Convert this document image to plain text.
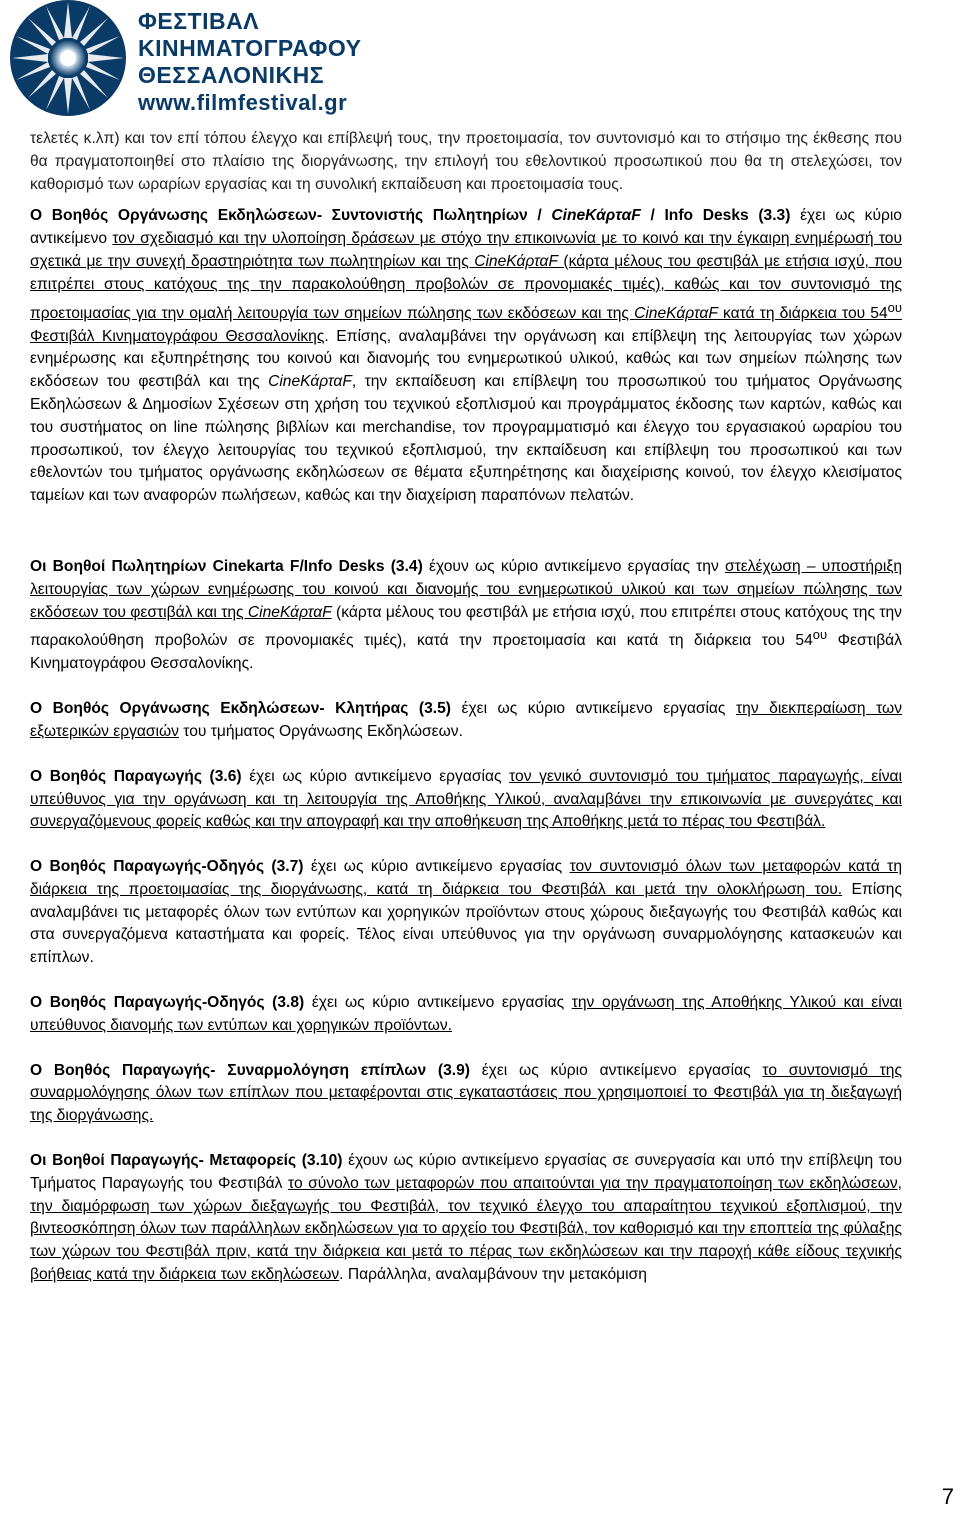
ΦΕΣΤΙΒΑΛ
ΚΙΝΗΜΑΤΟΓΡΑΦΟΥ
ΘΕΣΣΑΛΟΝΙΚΗΣ
www.filmfestival.gr

τελετές κ.λπ) και τον επί τόπου έλεγχο και επίβλεψή τους, την προετοιμασία, τον συντονισμό και το στήσιμο της έκθεσης που θα πραγματοποιηθεί στο πλαίσιο της διοργάνωσης, την επιλογή του εθελοντικού προσωπικού που θα τη στελεχώσει, τον καθορισμό των ωραρίων εργασίας και τη συνολική εκπαίδευση και προετοιμασία τους.

Ο Βοηθός Οργάνωσης Εκδηλώσεων- Συντονιστής Πωλητηρίων / CineΚάρταF / Info Desks (3.3) έχει ως κύριο αντικείμενο τον σχεδιασμό και την υλοποίηση δράσεων με στόχο την επικοινωνία με το κοινό και την έγκαιρη ενημέρωσή του σχετικά με την συνεχή δραστηριότητα των πωλητηρίων και της CineΚάρταF (κάρτα μέλους του φεστιβάλ με ετήσια ισχύ, που επιτρέπει στους κατόχους της την παρακολούθηση προβολών σε προνομιακές τιμές), καθώς και τον συντονισμό της προετοιμασίας για την ομαλή λειτουργία των σημείων πώλησης των εκδόσεων και της CineΚάρταF κατά τη διάρκεια του $54^{o\upsilon}$ Φεστιβάλ Κινηματογράφου Θεσσαλονίκης. Επίσης, αναλαμβάνει την οργάνωση και επίβλεψη της λειτουργίας των χώρων ενημέρωσης και εξυπηρέτησης του κοινού και διανομής του ενημερωτικού υλικού, καθώς και των σημείων πώλησης των εκδόσεων του φεστιβάλ και της CineΚάρταF, την εκπαίδευση και επίβλεψη του προσωπικού του τμήματος Οργάνωσης Εκδηλώσεων & Δημοσίων Σχέσεων στη χρήση του τεχνικού εξοπλισμού και προγράμματος έκδοσης των καρτών, καθώς και του συστήματος on line πώλησης βιβλίων και merchandise, τον προγραμματισμό και έλεγχο του εργασιακού ωραρίου του προσωπικού, τον έλεγχο λειτουργίας του τεχνικού εξοπλισμού, την εκπαίδευση και επίβλεψη του προσωπικού και των εθελοντών του τμήματος οργάνωσης εκδηλώσεων σε θέματα εξυπηρέτησης και διαχείρισης κοινού, τον έλεγχο κλεισίματος ταμείων και των αναφορών πωλήσεων, καθώς και την διαχείριση παραπόνων πελατών.

Οι Βοηθοί Πωλητηρίων Cinekarta F/Info Desks (3.4) έχουν ως κύριο αντικείμενο εργασίας την στελέχωση – υποστήριξη λειτουργίας των χώρων ενημέρωσης του κοινού και διανομής του ενημερωτικού υλικού και των σημείων πώλησης των εκδόσεων του φεστιβάλ και της CineΚάρταF (κάρτα μέλους του φεστιβάλ με ετήσια ισχύ, που επιτρέπει στους κατόχους της την παρακολούθηση προβολών σε προνομιακές τιμές), κατά την προετοιμασία και κατά τη διάρκεια του $54^{o\upsilon}$ Φεστιβάλ Κινηματογράφου Θεσσαλονίκης.

Ο Βοηθός Οργάνωσης Εκδηλώσεων- Κλητήρας (3.5) έχει ως κύριο αντικείμενο εργασίας την διεκπεραίωση των εξωτερικών εργασιών του τμήματος Οργάνωσης Εκδηλώσεων.

Ο Βοηθός Παραγωγής (3.6) έχει ως κύριο αντικείμενο εργασίας τον γενικό συντονισμό του τμήματος παραγωγής, είναι υπεύθυνος για την οργάνωση και τη λειτουργία της Αποθήκης Υλικού, αναλαμβάνει την επικοινωνία με συνεργάτες και συνεργαζόμενους φορείς καθώς και την απογραφή και την αποθήκευση της Αποθήκης μετά το πέρας του Φεστιβάλ.

Ο Βοηθός Παραγωγής-Οδηγός (3.7) έχει ως κύριο αντικείμενο εργασίας τον συντονισμό όλων των μεταφορών κατά τη διάρκεια της προετοιμασίας της διοργάνωσης, κατά τη διάρκεια του Φεστιβάλ και μετά την ολοκλήρωση του. Επίσης αναλαμβάνει τις μεταφορές όλων των εντύπων και χορηγικών προϊόντων στους χώρους διεξαγωγής του Φεστιβάλ καθώς και στα συνεργαζόμενα καταστήματα και φορείς. Τέλος είναι υπεύθυνος για την οργάνωση συναρμολόγησης κατασκευών και επίπλων.

Ο Βοηθός Παραγωγής-Οδηγός (3.8) έχει ως κύριο αντικείμενο εργασίας την οργάνωση της Αποθήκης Υλικού και είναι υπεύθυνος διανομής των εντύπων και χορηγικών προϊόντων.

Ο Βοηθός Παραγωγής- Συναρμολόγηση επίπλων (3.9) έχει ως κύριο αντικείμενο εργασίας το συντονισμό της συναρμολόγησης όλων των επίπλων που μεταφέρονται στις εγκαταστάσεις που χρησιμοποιεί το Φεστιβάλ για τη διεξαγωγή της διοργάνωσης.

Οι Βοηθοί Παραγωγής- Μεταφορείς (3.10) έχουν ως κύριο αντικείμενο εργασίας σε συνεργασία και υπό την επίβλεψη του Τμήματος Παραγωγής του Φεστιβάλ το σύνολο των μεταφορών που απαιτούνται για την πραγματοποίηση των εκδηλώσεων, την διαμόρφωση των χώρων διεξαγωγής του Φεστιβάλ, τον τεχνικό έλεγχο του απαραίτητου τεχνικού εξοπλισμού, την βιντεοσκόπηση όλων των παράλληλων εκδηλώσεων για το αρχείο του Φεστιβάλ, τον καθορισμό και την εποπτεία της φύλαξης των χώρων του Φεστιβάλ πριν, κατά την διάρκεια και μετά το πέρας των εκδηλώσεων και την παροχή κάθε είδους τεχνικής βοήθειας κατά την διάρκεια των εκδηλώσεων. Παράλληλα, αναλαμβάνουν την μετακόμιση

7
